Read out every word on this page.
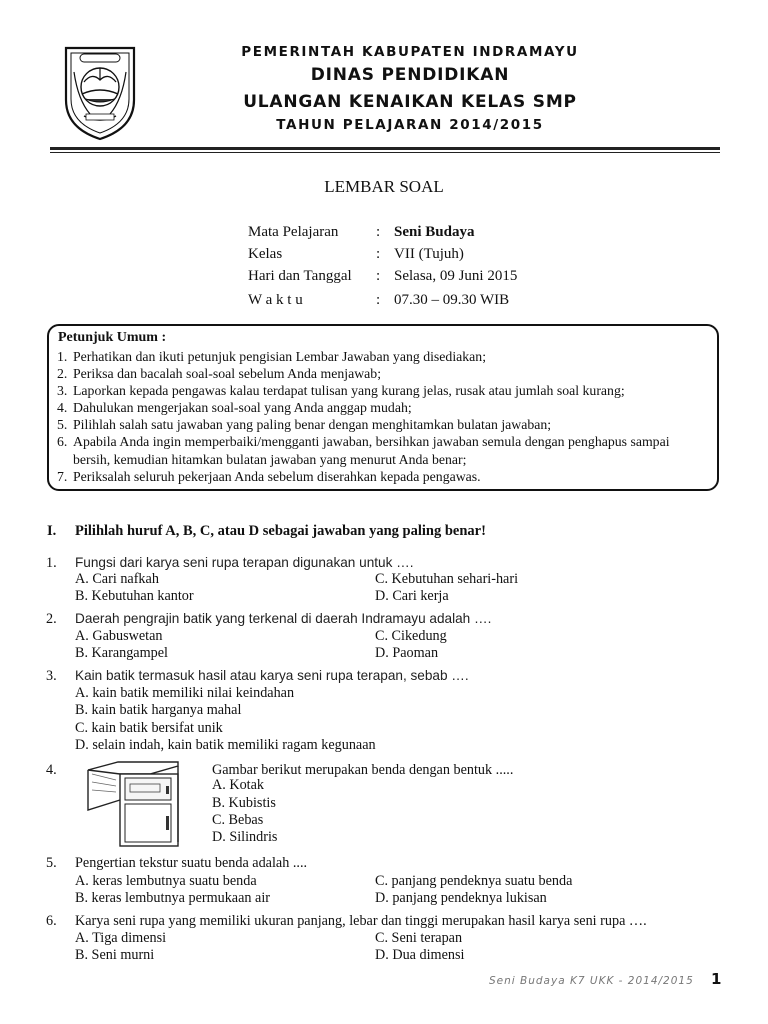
PEMERINTAH KABUPATEN INDRAMAYU
DINAS PENDIDIKAN
ULANGAN KENAIKAN KELAS SMP
TAHUN PELAJARAN 2014/2015
LEMBAR SOAL
Mata Pelajaran	: Seni Budaya
Kelas	: VII (Tujuh)
Hari dan Tanggal : Selasa, 09 Juni 2015
W a k t u	: 07.30 – 09.30 WIB
Petunjuk Umum :
1. Perhatikan dan ikuti petunjuk pengisian Lembar Jawaban yang disediakan;
2. Periksa dan bacalah soal-soal sebelum Anda menjawab;
3. Laporkan kepada pengawas kalau terdapat tulisan yang kurang jelas, rusak atau jumlah soal kurang;
4. Dahulukan mengerjakan soal-soal yang Anda anggap mudah;
5. Pilihlah salah satu jawaban yang paling benar dengan menghitamkan bulatan jawaban;
6. Apabila Anda ingin memperbaiki/mengganti jawaban, bersihkan jawaban semula dengan penghapus sampai bersih, kemudian hitamkan bulatan jawaban yang menurut Anda benar;
7. Periksalah seluruh pekerjaan Anda sebelum diserahkan kepada pengawas.
I. Pilihlah huruf A, B, C, atau D sebagai jawaban yang paling benar!
1. Fungsi dari karya seni rupa terapan digunakan untuk ….
A. Cari nafkah	C. Kebutuhan sehari-hari
B. Kebutuhan kantor	D. Cari kerja
2. Daerah pengrajin batik yang terkenal di daerah Indramayu adalah ….
A. Gabuswetan	C. Cikedung
B. Karangampel	D. Paoman
3. Kain batik termasuk hasil atau karya seni rupa terapan, sebab ….
A. kain batik memiliki nilai keindahan
B. kain batik harganya mahal
C. kain batik bersifat unik
D. selain indah, kain batik memiliki ragam kegunaan
4.	Gambar berikut merupakan benda dengan bentuk .....
A. Kotak
B. Kubistis
C. Bebas
D. Silindris
5. Pengertian tekstur suatu benda adalah ....
A. keras lembutnya suatu benda	C. panjang pendeknya suatu benda
B. keras lembutnya permukaan air	D. panjang pendeknya lukisan
6. Karya seni rupa yang memiliki ukuran panjang, lebar dan tinggi merupakan hasil karya seni rupa ….
A. Tiga dimensi	C. Seni terapan
B. Seni murni	D. Dua dimensi
Seni Budaya K7 UKK - 2014/2015 1
